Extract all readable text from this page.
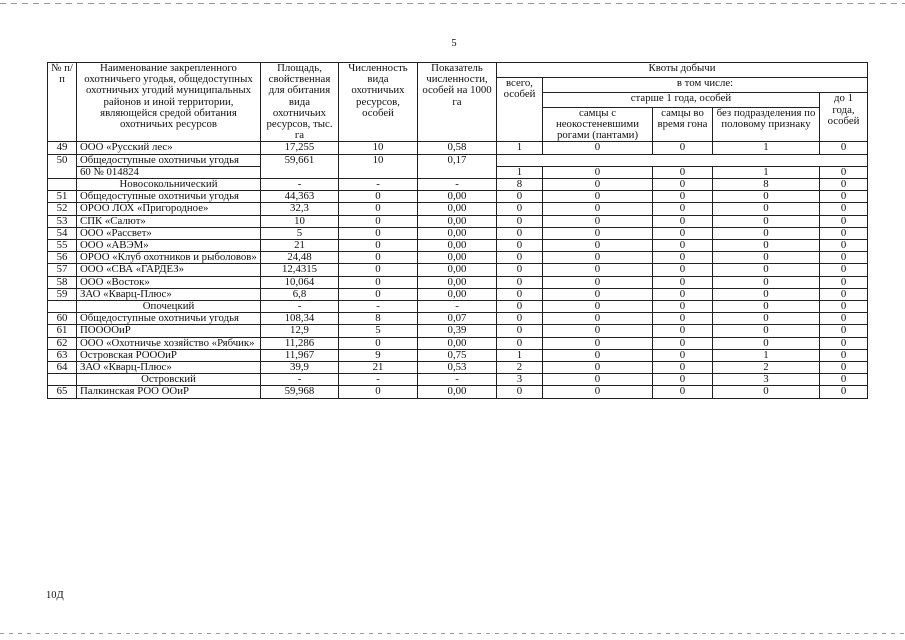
5
№ п/п	Наименование закрепленного охотничьего угодья, общедоступных охотничьих угодий муниципальных районов и иной территории, являющейся средой обитания охотничьих ресурсов	Площадь, свойственная для обитания вида охотничьих ресурсов, тыс. га	Численность вида охотничьих ресурсов, особей	Показатель численности, особей на 1000 га	Квоты добычи				
					всего, особей	в том числе:			
						старше 1 года, особей			до 1 года, особей
						самцы с неокостеневшими рогами (пантами)	самцы во время гона	без подразделения по половому признаку	
49	ООО «Русский лес»	17,255	10	0,58	1	0	0	1	0
50	Общедоступные охотничьи угодья	59,661	10	0,17					
	60 № 014824				1	0	0	1	0
	Новосокольнический	-	-	-	8	0	0	8	0
51	Общедоступные охотничьи угодья	44,363	0	0,00	0	0	0	0	0
52	ОРОО ЛОХ «Пригородное»	32,3	0	0,00	0	0	0	0	0
53	СПК «Салют»	10	0	0,00	0	0	0	0	0
54	ООО «Рассвет»	5	0	0,00	0	0	0	0	0
55	ООО «АВЭМ»	21	0	0,00	0	0	0	0	0
56	ОРОО «Клуб охотников и рыболовов»	24,48	0	0,00	0	0	0	0	0
57	ООО «СВА «ГАРДЕЗ»	12,4315	0	0,00	0	0	0	0	0
58	ООО «Восток»	10,064	0	0,00	0	0	0	0	0
59	ЗАО «Кварц-Плюс»	6,8	0	0,00	0	0	0	0	0
	Опочецкий	-	-	-	0	0	0	0	0
60	Общедоступные охотничьи угодья	108,34	8	0,07	0	0	0	0	0
61	ПООООиР	12,9	5	0,39	0	0	0	0	0
62	ООО «Охотничье хозяйство «Рябчик»	11,286	0	0,00	0	0	0	0	0
63	Островская РОООиР	11,967	9	0,75	1	0	0	1	0
64	ЗАО «Кварц-Плюс»	39,9	21	0,53	2	0	0	2	0
	Островский	-	-	-	3	0	0	3	0
65	Палкинская РОО ООиР	59,968	0	0,00	0	0	0	0	0
10Д
